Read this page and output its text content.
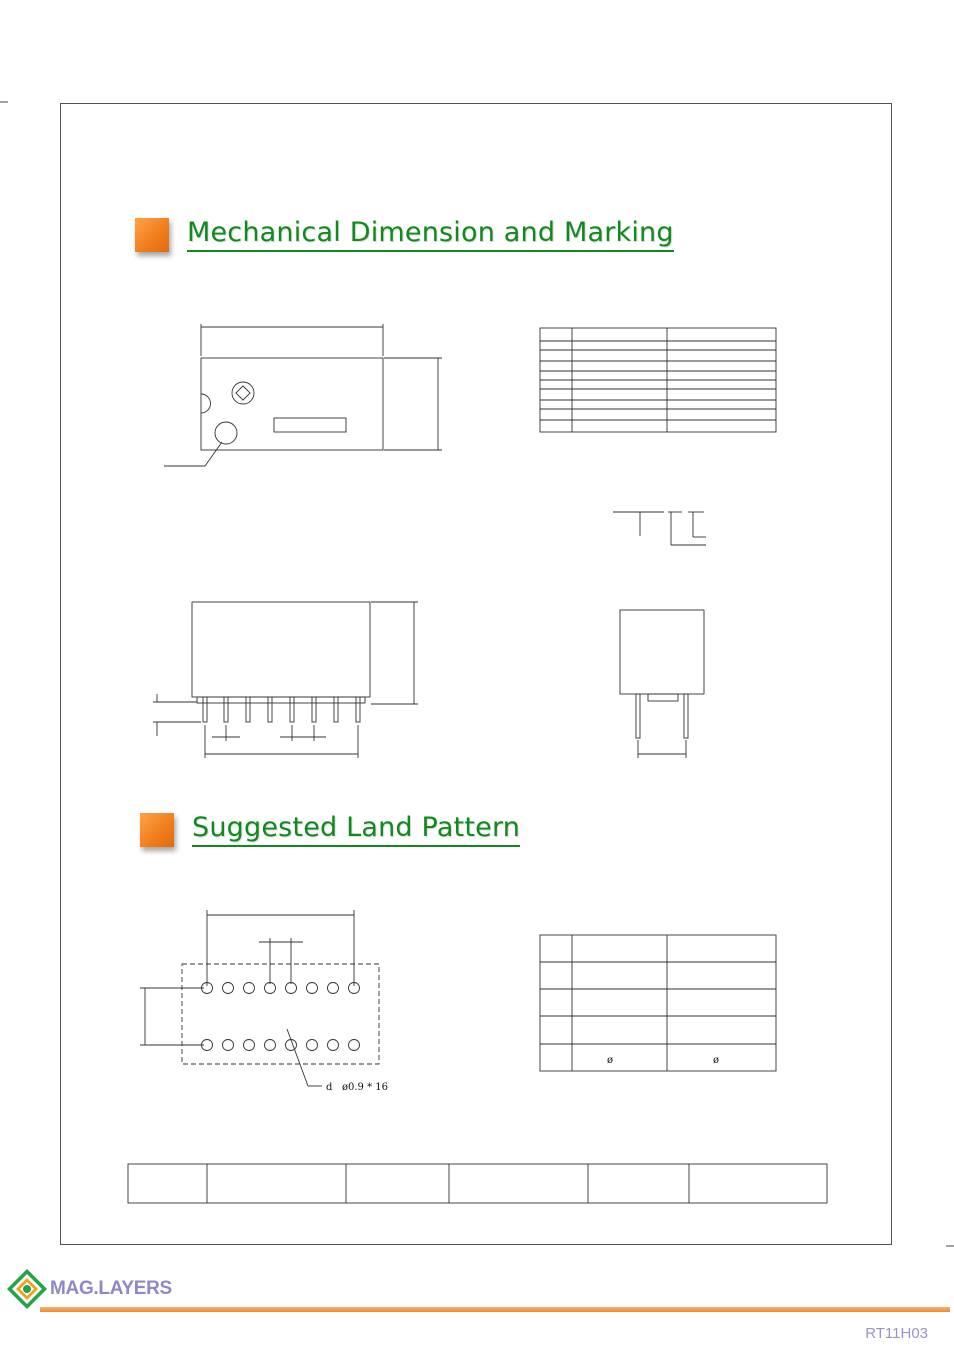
Mechanical Dimension and Marking
Suggested Land Pattern
d ø0.9 * 16
ø	ø
MAG.LAYERS
RT11H03
